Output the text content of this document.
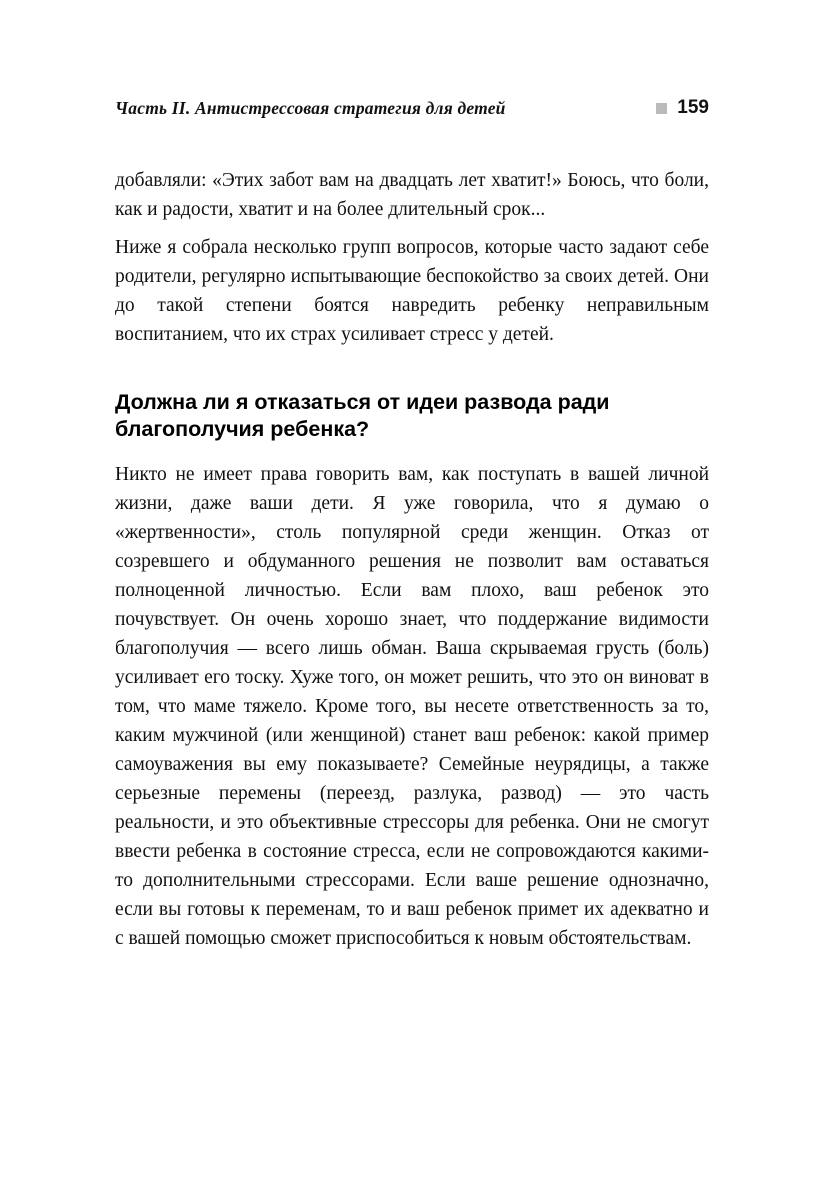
Часть II. Антистрессовая стратегия для детей	159

добавляли: «Этих забот вам на двадцать лет хватит!» Боюсь, что боли, как и радости, хватит и на более длительный срок...

Ниже я собрала несколько групп вопросов, которые часто задают себе родители, регулярно испытывающие беспокойство за своих детей. Они до такой степени боятся навредить ребенку неправильным воспитанием, что их страх усиливает стресс у детей.

Должна ли я отказаться от идеи развода ради благополучия ребенка?

Никто не имеет права говорить вам, как поступать в вашей личной жизни, даже ваши дети. Я уже говорила, что я думаю о «жертвенности», столь популярной среди женщин. Отказ от созревшего и обдуманного решения не позволит вам оставаться полноценной личностью. Если вам плохо, ваш ребенок это почувствует. Он очень хорошо знает, что поддержание видимости благополучия — всего лишь обман. Ваша скрываемая грусть (боль) усиливает его тоску. Хуже того, он может решить, что это он виноват в том, что маме тяжело. Кроме того, вы несете ответственность за то, каким мужчиной (или женщиной) станет ваш ребенок: какой пример самоуважения вы ему показываете? Семейные неурядицы, а также серьезные перемены (переезд, разлука, развод) — это часть реальности, и это объективные стрессоры для ребенка. Они не смогут ввести ребенка в состояние стресса, если не сопровождаются какими-то дополнительными стрессорами. Если ваше решение однозначно, если вы готовы к переменам, то и ваш ребенок примет их адекватно и с вашей помощью сможет приспособиться к новым обстоятельствам.
